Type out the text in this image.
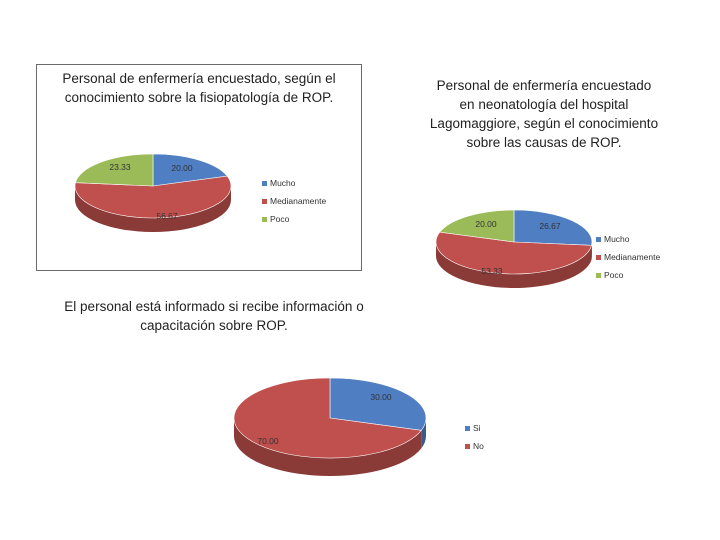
Personal de enfermería encuestado, según el conocimiento sobre la fisiopatología de ROP.
20.00
56.67
23.33
Mucho
Medianamente
Poco
Personal de enfermería encuestado en neonatología del hospital Lagomaggiore, según el conocimiento sobre las causas de ROP.
26.67
53.33
20.00
Mucho
Medianamente
Poco
El personal está informado si recibe información o capacitación sobre ROP.
30.00
70.00
Si
No
